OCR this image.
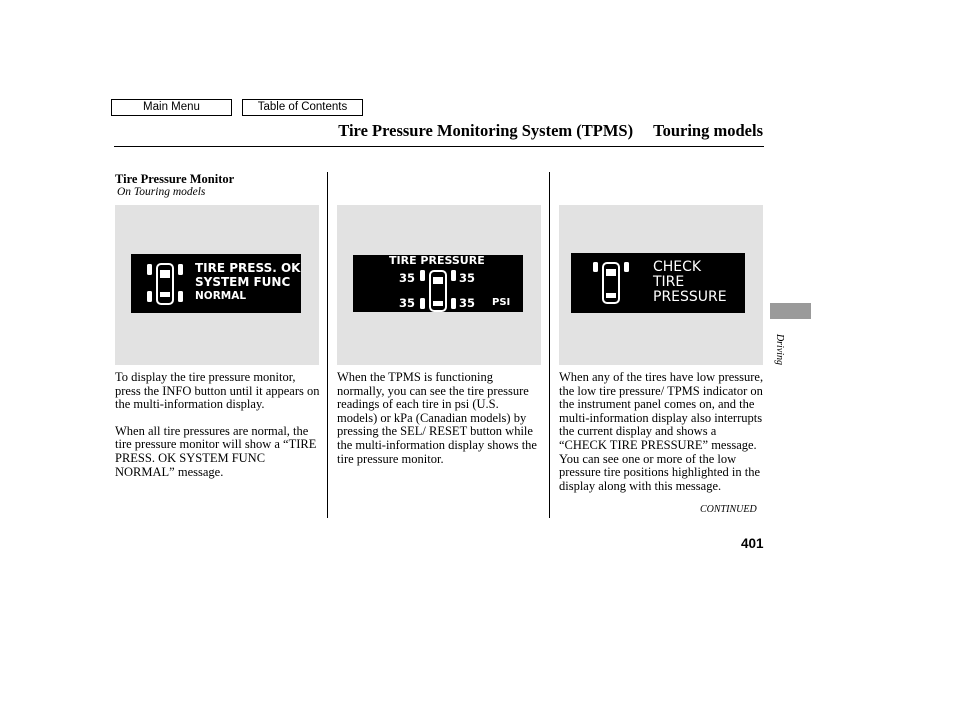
Main Menu	Table of Contents
Tire Pressure Monitoring System (TPMS) Touring models
Tire Pressure Monitor
On Touring models
TIRE PRESS. OK
SYSTEM FUNC
NORMAL
TIRE PRESSURE
35	35
35	35 PSI
CHECK
TIRE
PRESSURE

To display the tire pressure monitor, press the INFO button until it appears on the multi-information display.

When all tire pressures are normal, the tire pressure monitor will show a “TIRE PRESS. OK SYSTEM FUNC NORMAL” message.

When the TPMS is functioning normally, you can see the tire pressure readings of each tire in psi (U.S. models) or kPa (Canadian models) by pressing the SEL/ RESET button while the multi-information display shows the tire pressure monitor.

When any of the tires have low pressure, the low tire pressure/ TPMS indicator on the instrument panel comes on, and the multi-information display also interrupts the current display and shows a “CHECK TIRE PRESSURE” message. You can see one or more of the low pressure tire positions highlighted in the display along with this message.

CONTINUED
Driving
401
